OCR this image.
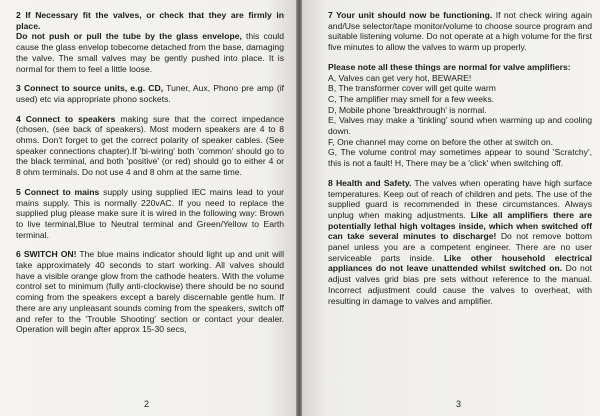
2 If Necessary fit the valves, or check that they are firmly in place.

Do not push or pull the tube by the glass envelope, this could cause the glass envelop tobecome detached from the base, damaging the valve. The small valves may be gently pushed into place. It is normal for them to feel a little loose.

3 Connect to source units, e.g. CD, Tuner, Aux, Phono pre amp (if used) etc via appropriate phono sockets.

4 Connect to speakers making sure that the correct impedance (chosen, (see back of speakers). Most modern speakers are 4 to 8 ohms. Don't forget to get the correct polarity of speaker cables. (See speaker connections chapter).If 'bi-wiring' both 'common' should go to the black terminal, and both 'positive' (or red) should go to either 4 or 8 ohm terminals. Do not use 4 and 8 ohm at the same time.

5 Connect to mains supply using supplied IEC mains lead to your mains supply. This is normally 220vAC. If you need to replace the supplied plug please make sure it is wired in the following way: Brown to live terminal,Blue to Neutral terminal and Green/Yellow to Earth terminal.

6 SWITCH ON! The blue mains indicator should light up and unit will take approximately 40 seconds to start working. All valves should have a visible orange glow from the cathode heaters. With the volume control set to minimum (fully anti-clockwise) there should be no sound coming from the speakers except a barely discernable gentle hum. If there are any unpleasant sounds coming from the speakers, switch off and refer to the 'Trouble Shooting' section or contact your dealer. Operation will begin after approx 15-30 secs,

2

7 Your unit should now be functioning. If not check wiring again and/Use selector/tape monitor/volume to choose source program and suitable listening volume. Do not operate at a high volume for the first five minutes to allow the valves to warm up properly.

Please note all these things are normal for valve amplifiers:

A, Valves can get very hot, BEWARE!

B, The transformer cover will get quite warm

C, The amplifier may smell for a few weeks.

D, Mobile phone 'breakthrough' is normal.

E, Valves may make a 'tinkling' sound when warming up and cooling down.

F, One channel may come on before the other at switch on.

G, The volume control may sometimes appear to sound 'Scratchy', this is not a fault! H, There may be a 'click' when switching off.

8 Health and Safety. The valves when operating have high surface temperatures. Keep out of reach of children and pets. The use of the supplied guard is recommended in these circumstances. Always unplug when making adjustments. Like all amplifiers there are potentially lethal high voltages inside, which when switched off can take several minutes to discharge! Do not remove bottom panel unless you are a competent engineer. There are no user serviceable parts inside. Like other household electrical appliances do not leave unattended whilst switched on. Do not adjust valves grid bias pre sets without reference to the manual. Incorrect adjustment could cause the valves to overheat, with resulting in damage to valves and amplifier.

3
